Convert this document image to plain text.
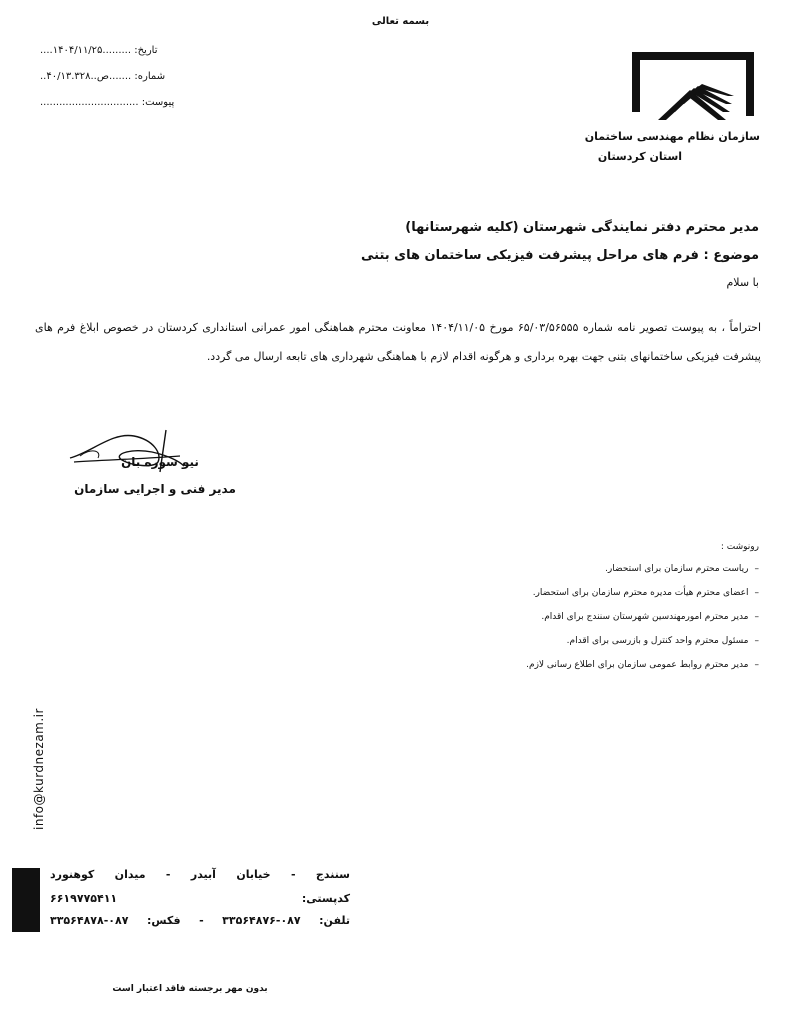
بسمه تعالی
....۱۴۰۴/۱۱/۲۵......... تاریخ:
..۴۰/۱۳.۳۲۸..ص....... شماره:
............................... پیوست:
سازمان نظام مهندسی ساختمان
استان کردستان
مدیر محترم دفتر نمایندگی شهرستان (کلیه شهرستانها)
موضوع : فرم های مراحل پیشرفت فیزیکی ساختمان های بتنی
با سلام

احتراماً ، به پیوست تصویر نامه شماره ۶۵/۰۳/۵۶۵۵۵ مورخ ۱۴۰۴/۱۱/۰۵ معاونت محترم هماهنگی امور عمرانی استانداری کردستان در خصوص ابلاغ فرم های پیشرفت فیزیکی ساختمانهای بتنی جهت بهره برداری و هرگونه اقدام لازم با هماهنگی شهرداری های تابعه ارسال می گردد.

نیو سوره بان
مدیر فنی و اجرایی سازمان
رونوشت :
–ریاست محترم سازمان برای استحضار.
–اعضای محترم هیأت مدیره محترم سازمان برای استحضار.
–مدیر محترم امورمهندسین شهرستان سنندج برای اقدام.
–مسئول محترم واحد کنترل و بازرسی برای اقدام.
–مدیر محترم روابط عمومی سازمان برای اطلاع رسانی لازم.
info@kurdnezam.ir
سنندج - خیابان آبیدر - میدان کوهنورد
کدپستی: ۶۶۱۹۷۷۵۴۱۱
تلفن: ۰۸۷-۳۳۵۶۴۸۷۶ - فکس: ۰۸۷-۳۳۵۶۴۸۷۸
بدون مهر برجسته فاقد اعتبار است
